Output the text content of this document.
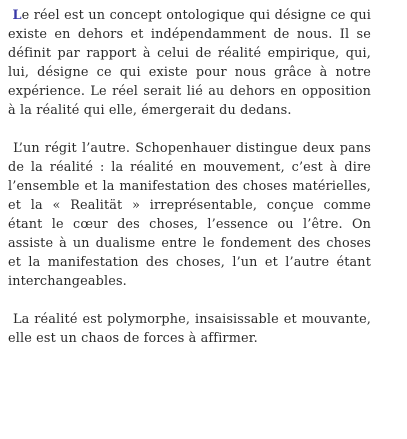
Le réel est un concept ontologique qui désigne ce qui existe en dehors et indépendamment de nous. Il se définit par rapport à celui de réalité empirique, qui, lui, désigne ce qui existe pour nous grâce à notre expérience. Le réel serait lié au dehors en opposition à la réalité qui elle, émergerait du dedans.

L’un régit l’autre. Schopenhauer distingue deux pans de la réalité : la réalité en mouvement, c’est à dire l’ensemble et la manifestation des choses matérielles, et la « Realität » irreprésentable, conçue comme étant le cœur des choses, l’essence ou l’être. On assiste à un dualisme entre le fondement des choses et la manifestation des choses, l’un et l’autre étant interchangeables.

La réalité est polymorphe, insaisissable et mouvante, elle est un chaos de forces à affirmer.
